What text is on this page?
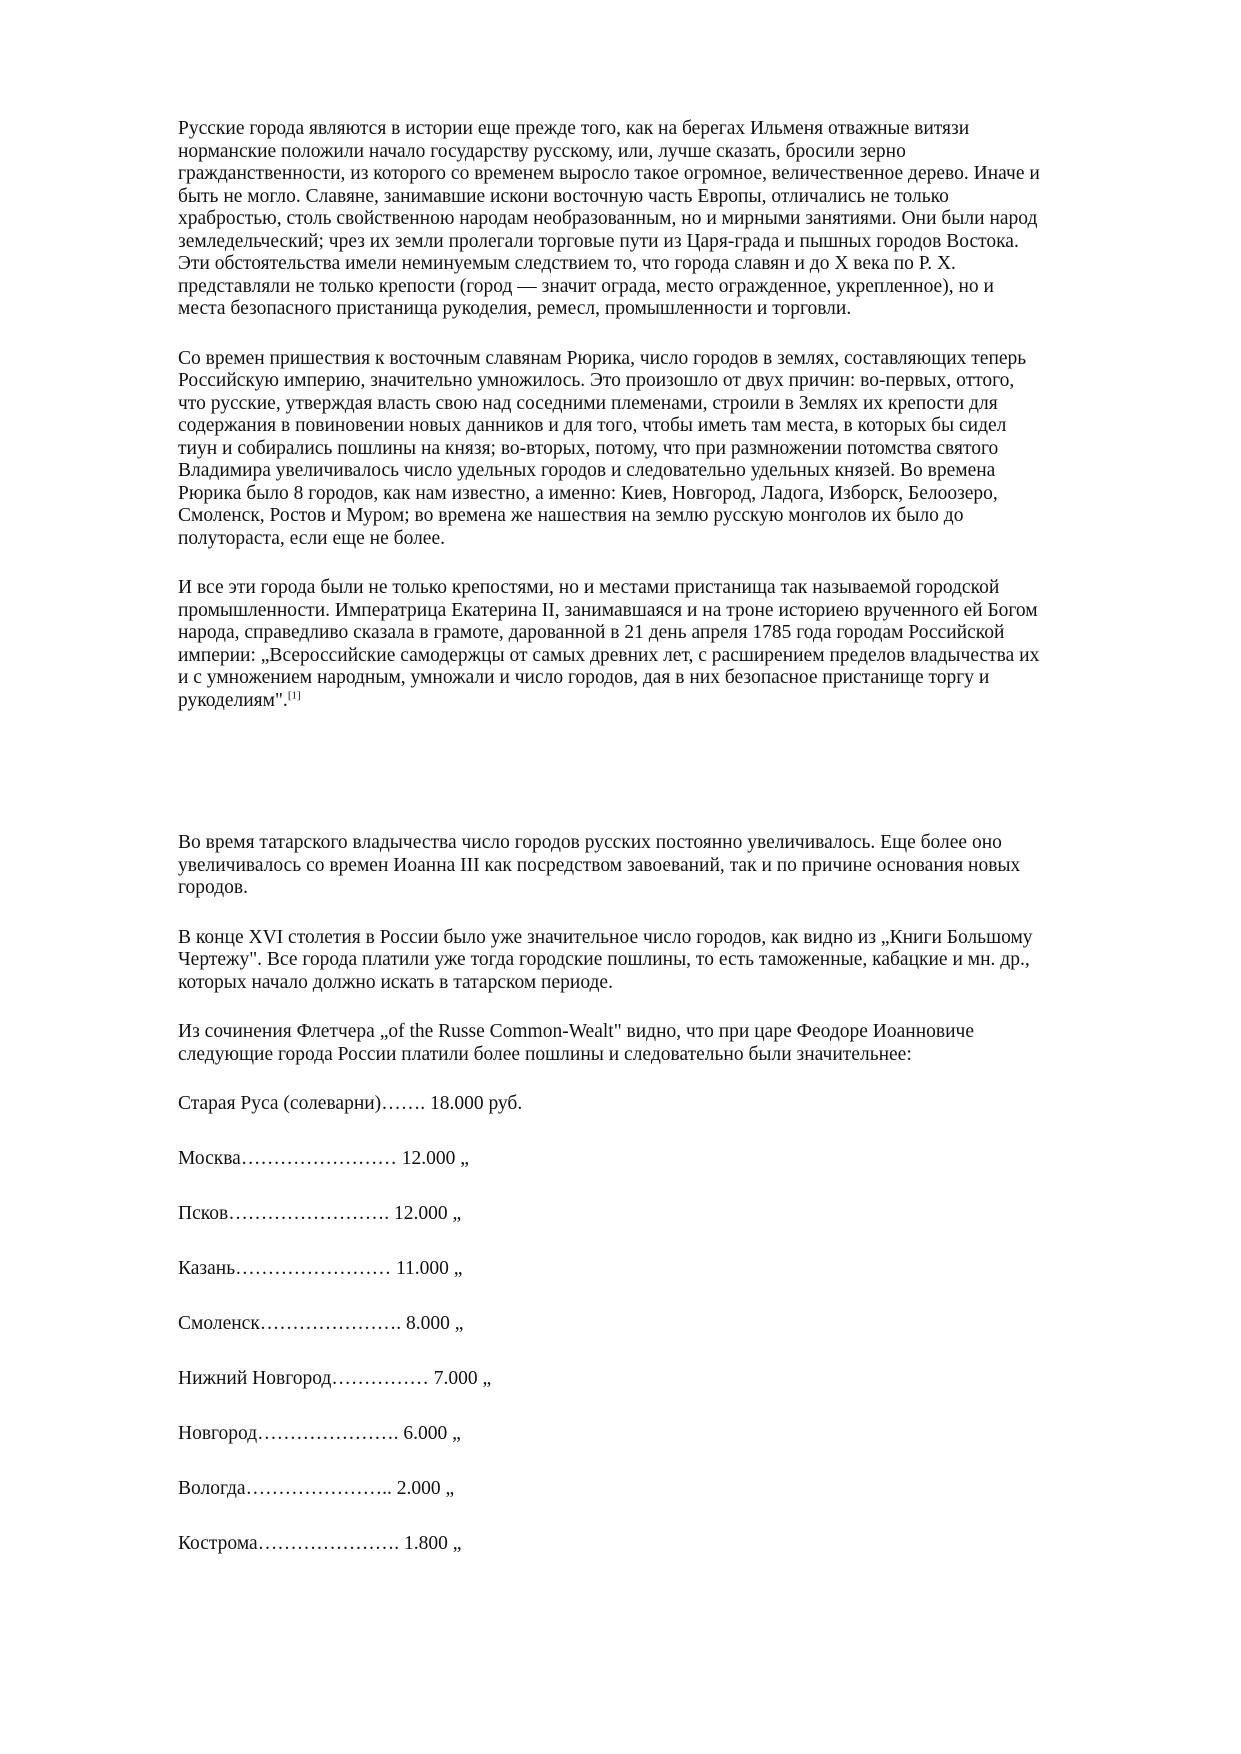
Русские города являются в истории еще прежде того, как на берегах Ильменя отважные витязи
норманские положили начало государству русскому, или, лучше сказать, бросили зерно
гражданственности, из которого со временем выросло такое огромное, величественное дерево. Иначе и
быть не могло. Славяне, занимавшие искони восточную часть Европы, отличались не только
храбростью, столь свойственною народам необразованным, но и мирными занятиями. Они были народ
земледельческий; чрез их земли пролегали торговые пути из Царя-града и пышных городов Востока.
Эти обстоятельства имели неминуемым следствием то, что города славян и до X века по Р. X.
представляли не только крепости (город — значит ограда, место огражденное, укрепленное), но и
места безопасного пристанища рукоделия, ремесл, промышленности и торговли.

Со времен пришествия к восточным славянам Рюрика, число городов в землях, составляющих теперь
Российскую империю, значительно умножилось. Это произошло от двух причин: во-первых, оттого,
что русские, утверждая власть свою над соседними племенами, строили в Землях их крепости для
содержания в повиновении новых данников и для того, чтобы иметь там места, в которых бы сидел
тиун и собирались пошлины на князя; во-вторых, потому, что при размножении потомства святого
Владимира увеличивалось число удельных городов и следовательно удельных князей. Во времена
Рюрика было 8 городов, как нам известно, а именно: Киев, Новгород, Ладога, Изборск, Белоозеро,
Смоленск, Ростов и Муром; во времена же нашествия на землю русскую монголов их было до
полутораста, если еще не более.

И все эти города были не только крепостями, но и местами пристанища так называемой городской
промышленности. Императрица Екатерина II, занимавшаяся и на троне историею врученного ей Богом
народа, справедливо сказала в грамоте, дарованной в 21 день апреля 1785 года городам Российской
империи: „Всероссийские самодержцы от самых древних лет, с расширением пределов владычества их
и с умножением народным, умножали и число городов, дая в них безопасное пристанище торгу и
рукоделиям".[1]

Во время татарского владычества число городов русских постоянно увеличивалось. Еще более оно
увеличивалось со времен Иоанна III как посредством завоеваний, так и по причине основания новых
городов.

В конце XVI столетия в России было уже значительное число городов, как видно из „Книги Большому
Чертежу". Все города платили уже тогда городские пошлины, то есть таможенные, кабацкие и мн. др.,
которых начало должно искать в татарском периоде.

Из сочинения Флетчера „of the Russe Common-Wealt" видно, что при царе Феодоре Иоанновиче
следующие города России платили более пошлины и следовательно были значительнее:

Старая Руса (солеварни)……. 18.000 руб.
Москва…………………… 12.000 „
Псков……………………. 12.000 „
Казань…………………… 11.000 „
Смоленск…………………. 8.000 „
Нижний Новгород…………… 7.000 „
Новгород…………………. 6.000 „
Вологда………………….. 2.000 „
Кострома…………………. 1.800 „
